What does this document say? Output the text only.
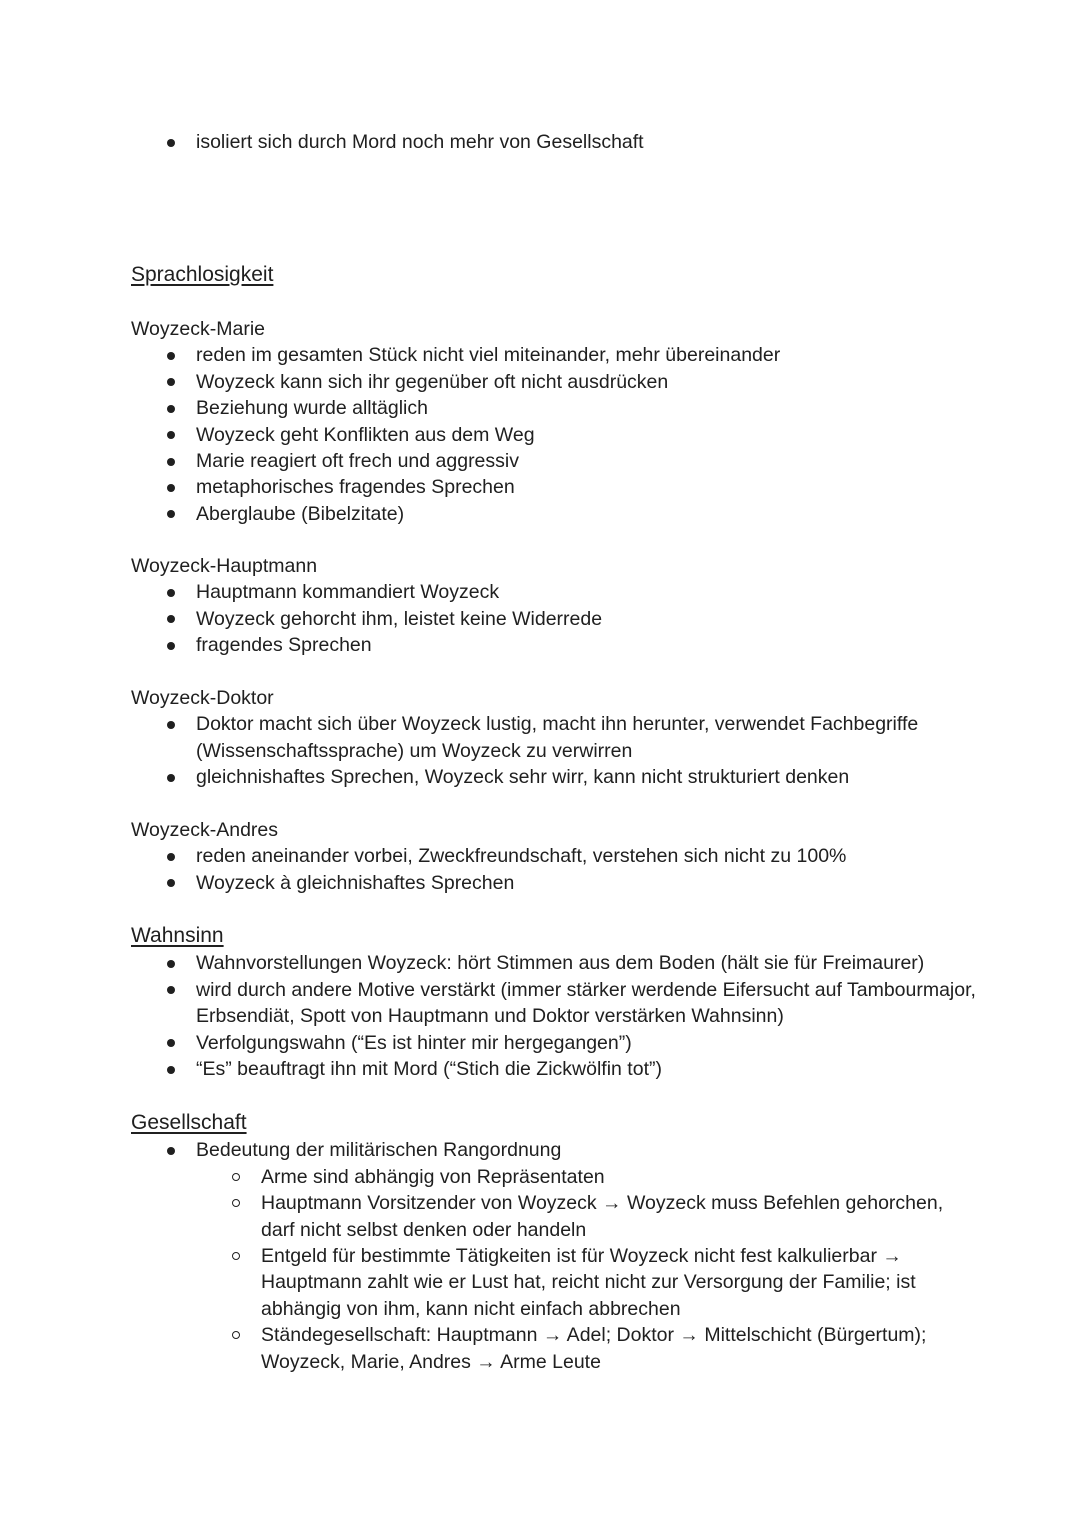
isoliert sich durch Mord noch mehr von Gesellschaft
Sprachlosigkeit
Woyzeck-Marie
reden im gesamten Stück nicht viel miteinander, mehr übereinander
Woyzeck kann sich ihr gegenüber oft nicht ausdrücken
Beziehung wurde alltäglich
Woyzeck geht Konflikten aus dem Weg
Marie reagiert oft frech und aggressiv
metaphorisches fragendes Sprechen
Aberglaube (Bibelzitate)
Woyzeck-Hauptmann
Hauptmann kommandiert Woyzeck
Woyzeck gehorcht ihm, leistet keine Widerrede
fragendes Sprechen
Woyzeck-Doktor
Doktor macht sich über Woyzeck lustig, macht ihn herunter, verwendet Fachbegriffe (Wissenschaftssprache) um Woyzeck zu verwirren
gleichnishaftes Sprechen, Woyzeck sehr wirr, kann nicht strukturiert denken
Woyzeck-Andres
reden aneinander vorbei, Zweckfreundschaft, verstehen sich nicht zu 100%
Woyzeck à gleichnishaftes Sprechen
Wahnsinn
Wahnvorstellungen Woyzeck: hört Stimmen aus dem Boden (hält sie für Freimaurer)
wird durch andere Motive verstärkt (immer stärker werdende Eifersucht auf Tambourmajor, Erbsendiät, Spott von Hauptmann und Doktor verstärken Wahnsinn)
Verfolgungswahn (“Es ist hinter mir hergegangen”)
“Es” beauftragt ihn mit Mord (“Stich die Zickwölfin tot”)
Gesellschaft
Bedeutung der militärischen Rangordnung
Arme sind abhängig von Repräsentaten
Hauptmann Vorsitzender von Woyzeck → Woyzeck muss Befehlen gehorchen, darf nicht selbst denken oder handeln
Entgeld für bestimmte Tätigkeiten ist für Woyzeck nicht fest kalkulierbar → Hauptmann zahlt wie er Lust hat, reicht nicht zur Versorgung der Familie; ist abhängig von ihm, kann nicht einfach abbrechen
Ständegesellschaft: Hauptmann → Adel; Doktor → Mittelschicht (Bürgertum); Woyzeck, Marie, Andres → Arme Leute
